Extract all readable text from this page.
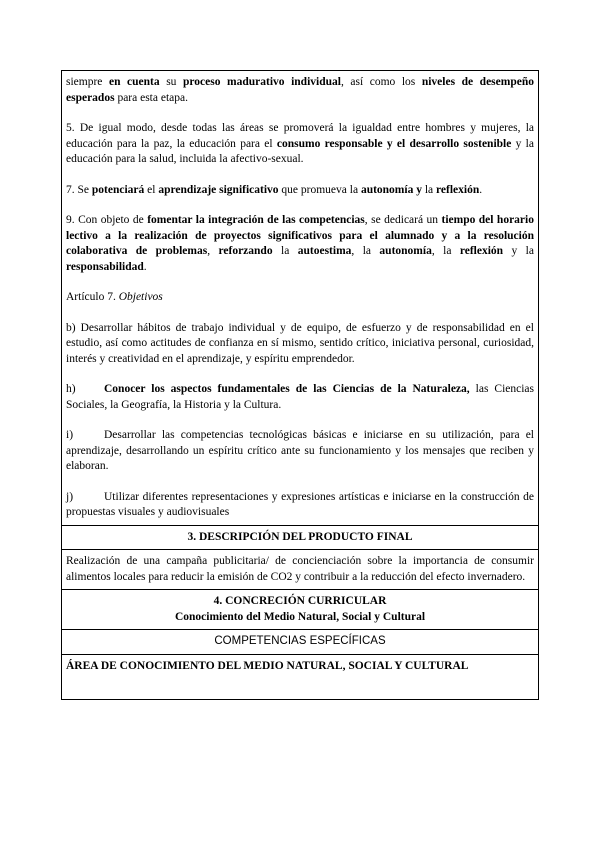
siempre en cuenta su proceso madurativo individual, así como los niveles de desempeño esperados para esta etapa.

5. De igual modo, desde todas las áreas se promoverá la igualdad entre hombres y mujeres, la educación para la paz, la educación para el consumo responsable y el desarrollo sostenible y la educación para la salud, incluida la afectivo-sexual.

7. Se potenciará el aprendizaje significativo que promueva la autonomía y la reflexión.

9. Con objeto de fomentar la integración de las competencias, se dedicará un tiempo del horario lectivo a la realización de proyectos significativos para el alumnado y a la resolución colaborativa de problemas, reforzando la autoestima, la autonomía, la reflexión y la responsabilidad.

Artículo 7. Objetivos

b) Desarrollar hábitos de trabajo individual y de equipo, de esfuerzo y de responsabilidad en el estudio, así como actitudes de confianza en sí mismo, sentido crítico, iniciativa personal, curiosidad, interés y creatividad en el aprendizaje, y espíritu emprendedor.

h) Conocer los aspectos fundamentales de las Ciencias de la Naturaleza, las Ciencias Sociales, la Geografía, la Historia y la Cultura.

i)	Desarrollar las competencias tecnológicas básicas e iniciarse en su utilización, para el aprendizaje, desarrollando un espíritu crítico ante su funcionamiento y los mensajes que reciben y elaboran.

j)	Utilizar diferentes representaciones y expresiones artísticas e iniciarse en la construcción de propuestas visuales y audiovisuales

3. DESCRIPCIÓN DEL PRODUCTO FINAL
Realización de una campaña publicitaria/ de concienciación sobre la importancia de consumir alimentos locales para reducir la emisión de CO2 y contribuir a la reducción del efecto invernadero.
4. CONCRECIÓN CURRICULAR
Conocimiento del Medio Natural, Social y Cultural
COMPETENCIAS ESPECÍFICAS
ÁREA DE CONOCIMIENTO DEL MEDIO NATURAL, SOCIAL Y CULTURAL
